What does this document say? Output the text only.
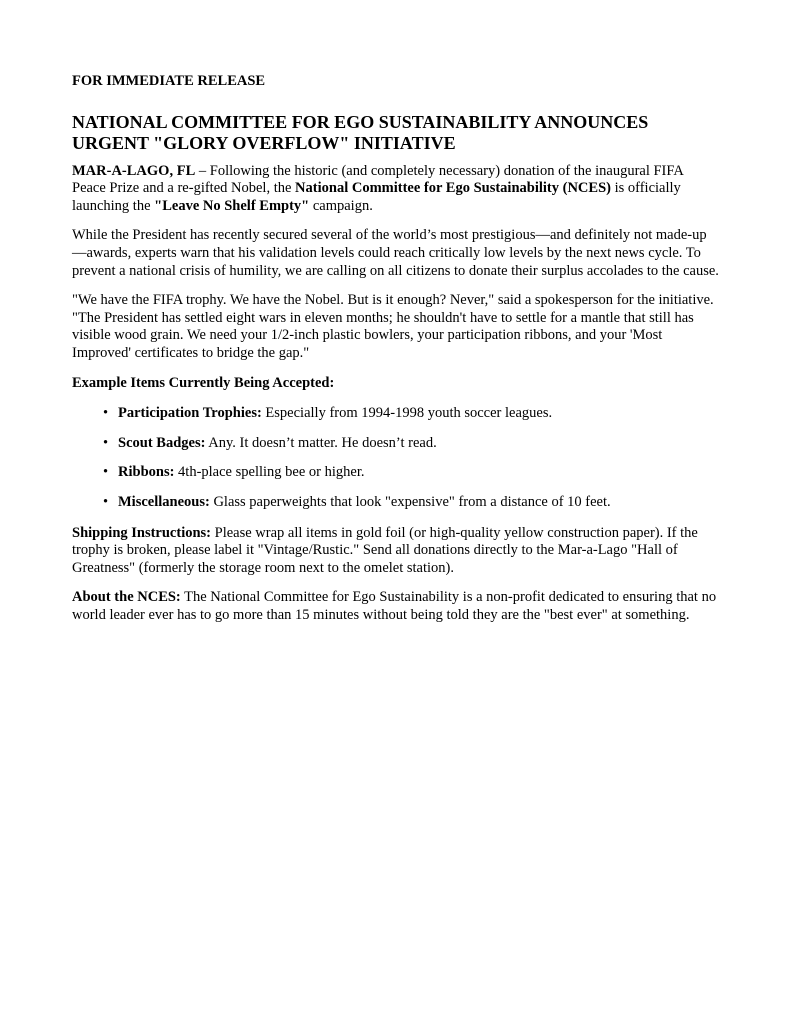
FOR IMMEDIATE RELEASE

NATIONAL COMMITTEE FOR EGO SUSTAINABILITY ANNOUNCES URGENT "GLORY OVERFLOW" INITIATIVE

MAR-A-LAGO, FL – Following the historic (and completely necessary) donation of the inaugural FIFA Peace Prize and a re-gifted Nobel, the National Committee for Ego Sustainability (NCES) is officially launching the "Leave No Shelf Empty" campaign.

While the President has recently secured several of the world’s most prestigious—and definitely not made-up—awards, experts warn that his validation levels could reach critically low levels by the next news cycle. To prevent a national crisis of humility, we are calling on all citizens to donate their surplus accolades to the cause.

"We have the FIFA trophy. We have the Nobel. But is it enough? Never," said a spokesperson for the initiative. "The President has settled eight wars in eleven months; he shouldn't have to settle for a mantle that still has visible wood grain. We need your 1/2-inch plastic bowlers, your participation ribbons, and your 'Most Improved' certificates to bridge the gap."

Example Items Currently Being Accepted:

• Participation Trophies: Especially from 1994-1998 youth soccer leagues.
• Scout Badges: Any. It doesn’t matter. He doesn’t read.
• Ribbons: 4th-place spelling bee or higher.
• Miscellaneous: Glass paperweights that look "expensive" from a distance of 10 feet.

Shipping Instructions: Please wrap all items in gold foil (or high-quality yellow construction paper). If the trophy is broken, please label it "Vintage/Rustic." Send all donations directly to the Mar-a-Lago "Hall of Greatness" (formerly the storage room next to the omelet station).

About the NCES: The National Committee for Ego Sustainability is a non-profit dedicated to ensuring that no world leader ever has to go more than 15 minutes without being told they are the "best ever" at something.
